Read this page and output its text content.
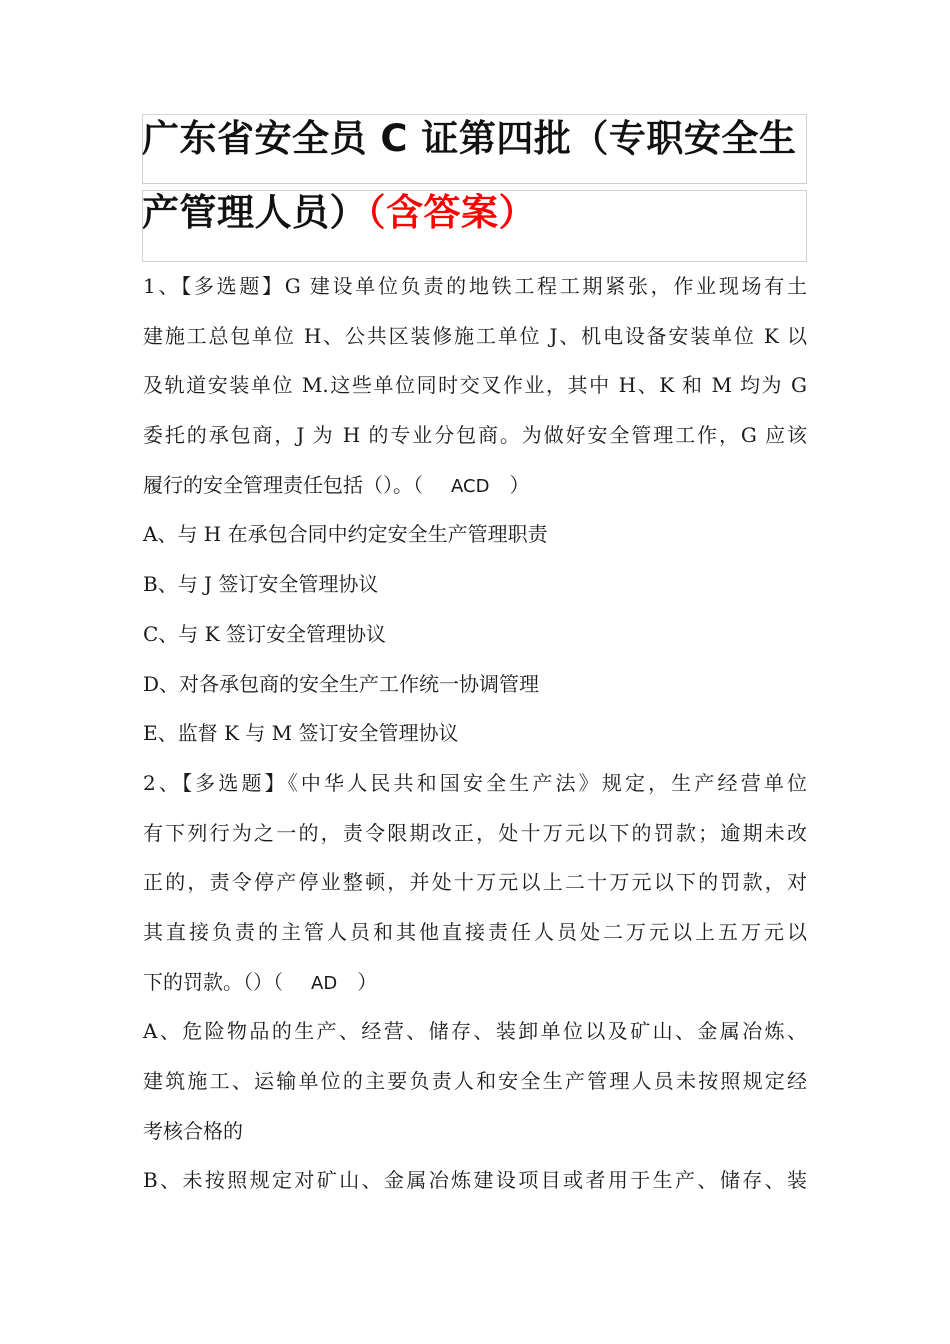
广东省安全员 C 证第四批（专职安全生
产管理人员）（含答案）
1、【多选题】G 建设单位负责的地铁工程工期紧张，作业现场有土
建施工总包单位 H、公共区装修施工单位 J、机电设备安装单位 K 以
及轨道安装单位 M.这些单位同时交叉作业，其中 H、K 和 M 均为 G
委托的承包商，J 为 H 的专业分包商。为做好安全管理工作，G 应该
履行的安全管理责任包括（）。（ ACD ）
A、与 H 在承包合同中约定安全生产管理职责
B、与 J 签订安全管理协议
C、与 K 签订安全管理协议
D、对各承包商的安全生产工作统一协调管理
E、监督 K 与 M 签订安全管理协议
2、【多选题】《中华人民共和国安全生产法》规定，生产经营单位
有下列行为之一的，责令限期改正，处十万元以下的罚款；逾期未改
正的，责令停产停业整顿，并处十万元以上二十万元以下的罚款，对
其直接负责的主管人员和其他直接责任人员处二万元以上五万元以
下的罚款。（）（ AD ）
A、危险物品的生产、经营、储存、装卸单位以及矿山、金属冶炼、
建筑施工、运输单位的主要负责人和安全生产管理人员未按照规定经
考核合格的
B、未按照规定对矿山、金属冶炼建设项目或者用于生产、储存、装
